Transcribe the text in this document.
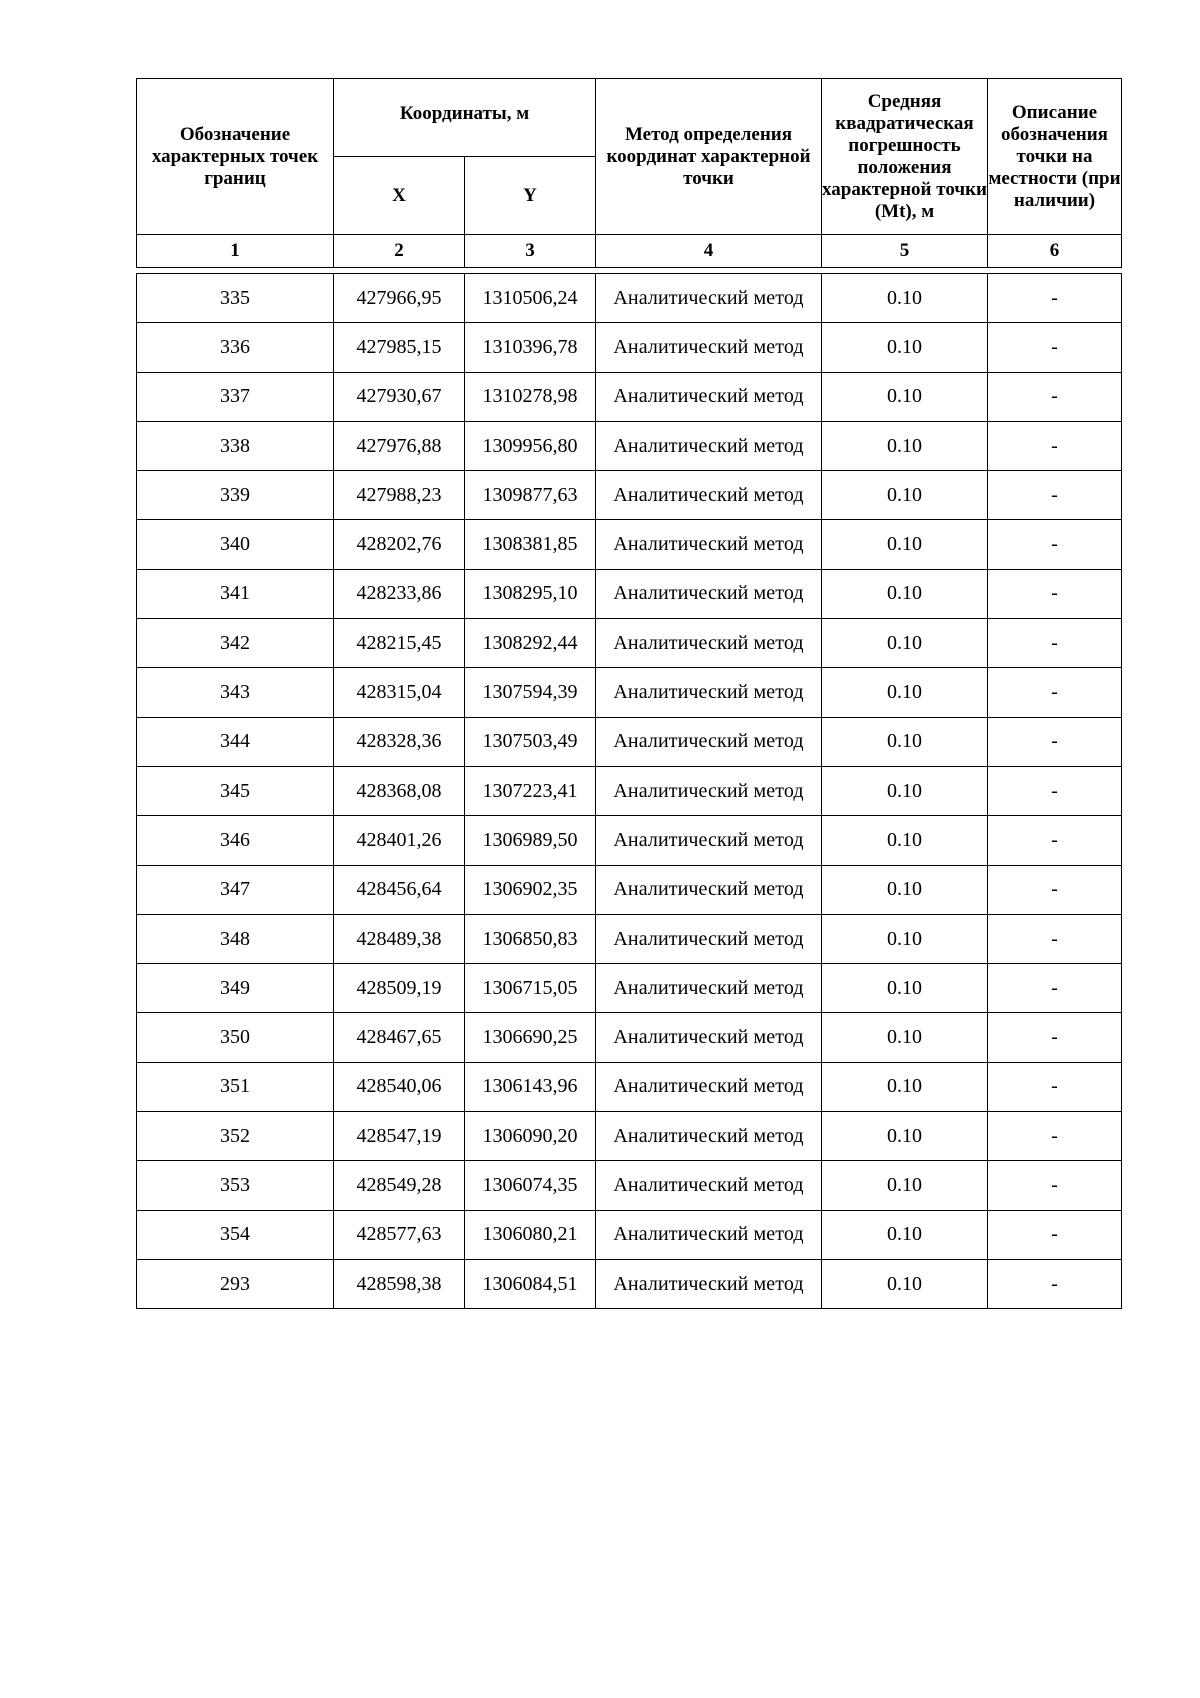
Обозначение характерных точек границ	Координаты, м		Метод определения координат характерной точки	Средняя квадратическая погрешность положения характерной точки (Mt), м	Описание обозначения точки на местности (при наличии)
	X	Y			
1	2	3	4	5	6
335	427966,95	1310506,24	Аналитический метод	0.10	-
336	427985,15	1310396,78	Аналитический метод	0.10	-
337	427930,67	1310278,98	Аналитический метод	0.10	-
338	427976,88	1309956,80	Аналитический метод	0.10	-
339	427988,23	1309877,63	Аналитический метод	0.10	-
340	428202,76	1308381,85	Аналитический метод	0.10	-
341	428233,86	1308295,10	Аналитический метод	0.10	-
342	428215,45	1308292,44	Аналитический метод	0.10	-
343	428315,04	1307594,39	Аналитический метод	0.10	-
344	428328,36	1307503,49	Аналитический метод	0.10	-
345	428368,08	1307223,41	Аналитический метод	0.10	-
346	428401,26	1306989,50	Аналитический метод	0.10	-
347	428456,64	1306902,35	Аналитический метод	0.10	-
348	428489,38	1306850,83	Аналитический метод	0.10	-
349	428509,19	1306715,05	Аналитический метод	0.10	-
350	428467,65	1306690,25	Аналитический метод	0.10	-
351	428540,06	1306143,96	Аналитический метод	0.10	-
352	428547,19	1306090,20	Аналитический метод	0.10	-
353	428549,28	1306074,35	Аналитический метод	0.10	-
354	428577,63	1306080,21	Аналитический метод	0.10	-
293	428598,38	1306084,51	Аналитический метод	0.10	-
